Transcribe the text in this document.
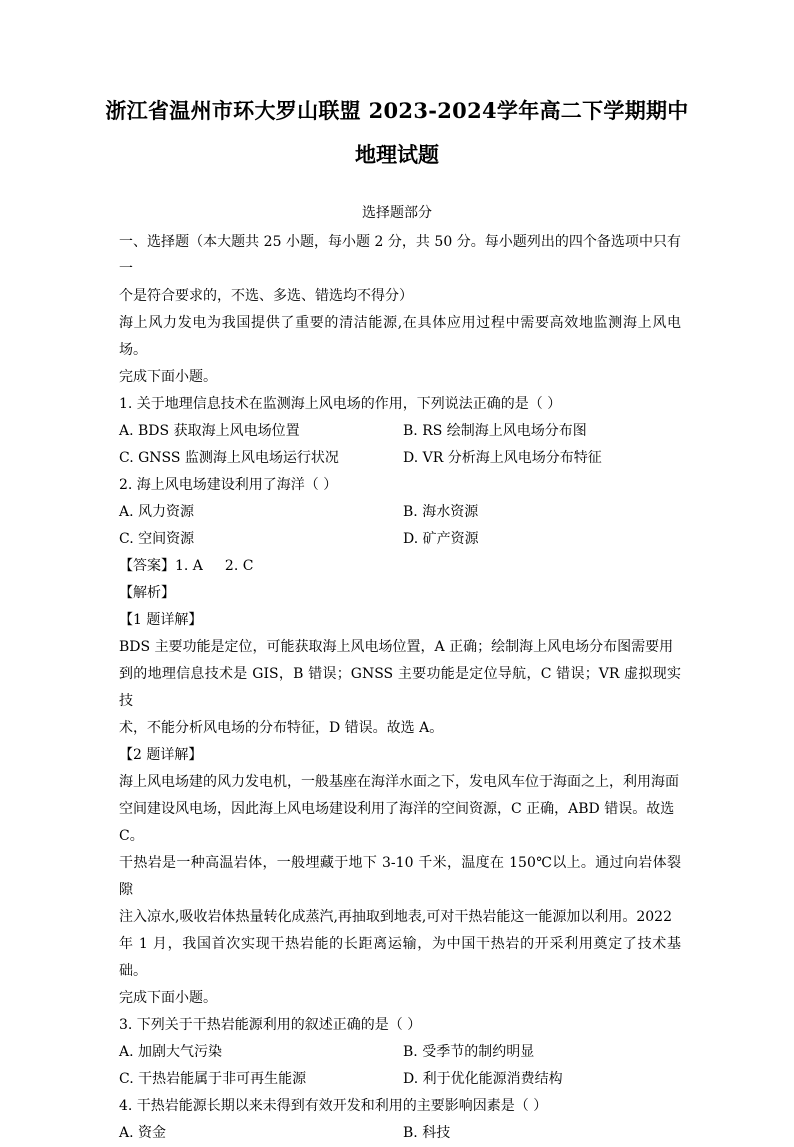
浙江省温州市环大罗山联盟 2023-2024学年高二下学期期中
地理试题
选择题部分

一、选择题（本大题共 25 小题，每小题 2 分，共 50 分。每小题列出的四个备选项中只有一

个是符合要求的，不选、多选、错选均不得分）

海上风力发电为我国提供了重要的清洁能源,在具体应用过程中需要高效地监测海上风电场。

完成下面小题。

1. 关于地理信息技术在监测海上风电场的作用，下列说法正确的是（ ）

A. BDS 获取海上风电场位置	B. RS 绘制海上风电场分布图
C. GNSS 监测海上风电场运行状况	D. VR 分析海上风电场分布特征

2. 海上风电场建设利用了海洋（ ）

A. 风力资源	B. 海水资源
C. 空间资源	D. 矿产资源

【答案】1. A 2. C

【解析】

【1 题详解】

BDS 主要功能是定位，可能获取海上风电场位置，A 正确；绘制海上风电场分布图需要用

到的地理信息技术是 GIS，B 错误；GNSS 主要功能是定位导航，C 错误；VR 虚拟现实技

术，不能分析风电场的分布特征，D 错误。故选 A。

【2 题详解】

海上风电场建的风力发电机，一般基座在海洋水面之下，发电风车位于海面之上，利用海面

空间建设风电场，因此海上风电场建设利用了海洋的空间资源，C 正确，ABD 错误。故选

C。

干热岩是一种高温岩体，一般埋藏于地下 3-10 千米，温度在 150℃以上。通过向岩体裂隙

注入凉水,吸收岩体热量转化成蒸汽,再抽取到地表,可对干热岩能这一能源加以利用。2022

年 1 月，我国首次实现干热岩能的长距离运输，为中国干热岩的开采利用奠定了技术基础。

完成下面小题。

3. 下列关于干热岩能源利用的叙述正确的是（ ）

A. 加剧大气污染	B. 受季节的制约明显
C. 干热岩能属于非可再生能源	D. 利于优化能源消费结构

4. 干热岩能源长期以来未得到有效开发和利用的主要影响因素是（ ）

A. 资金	B. 科技
